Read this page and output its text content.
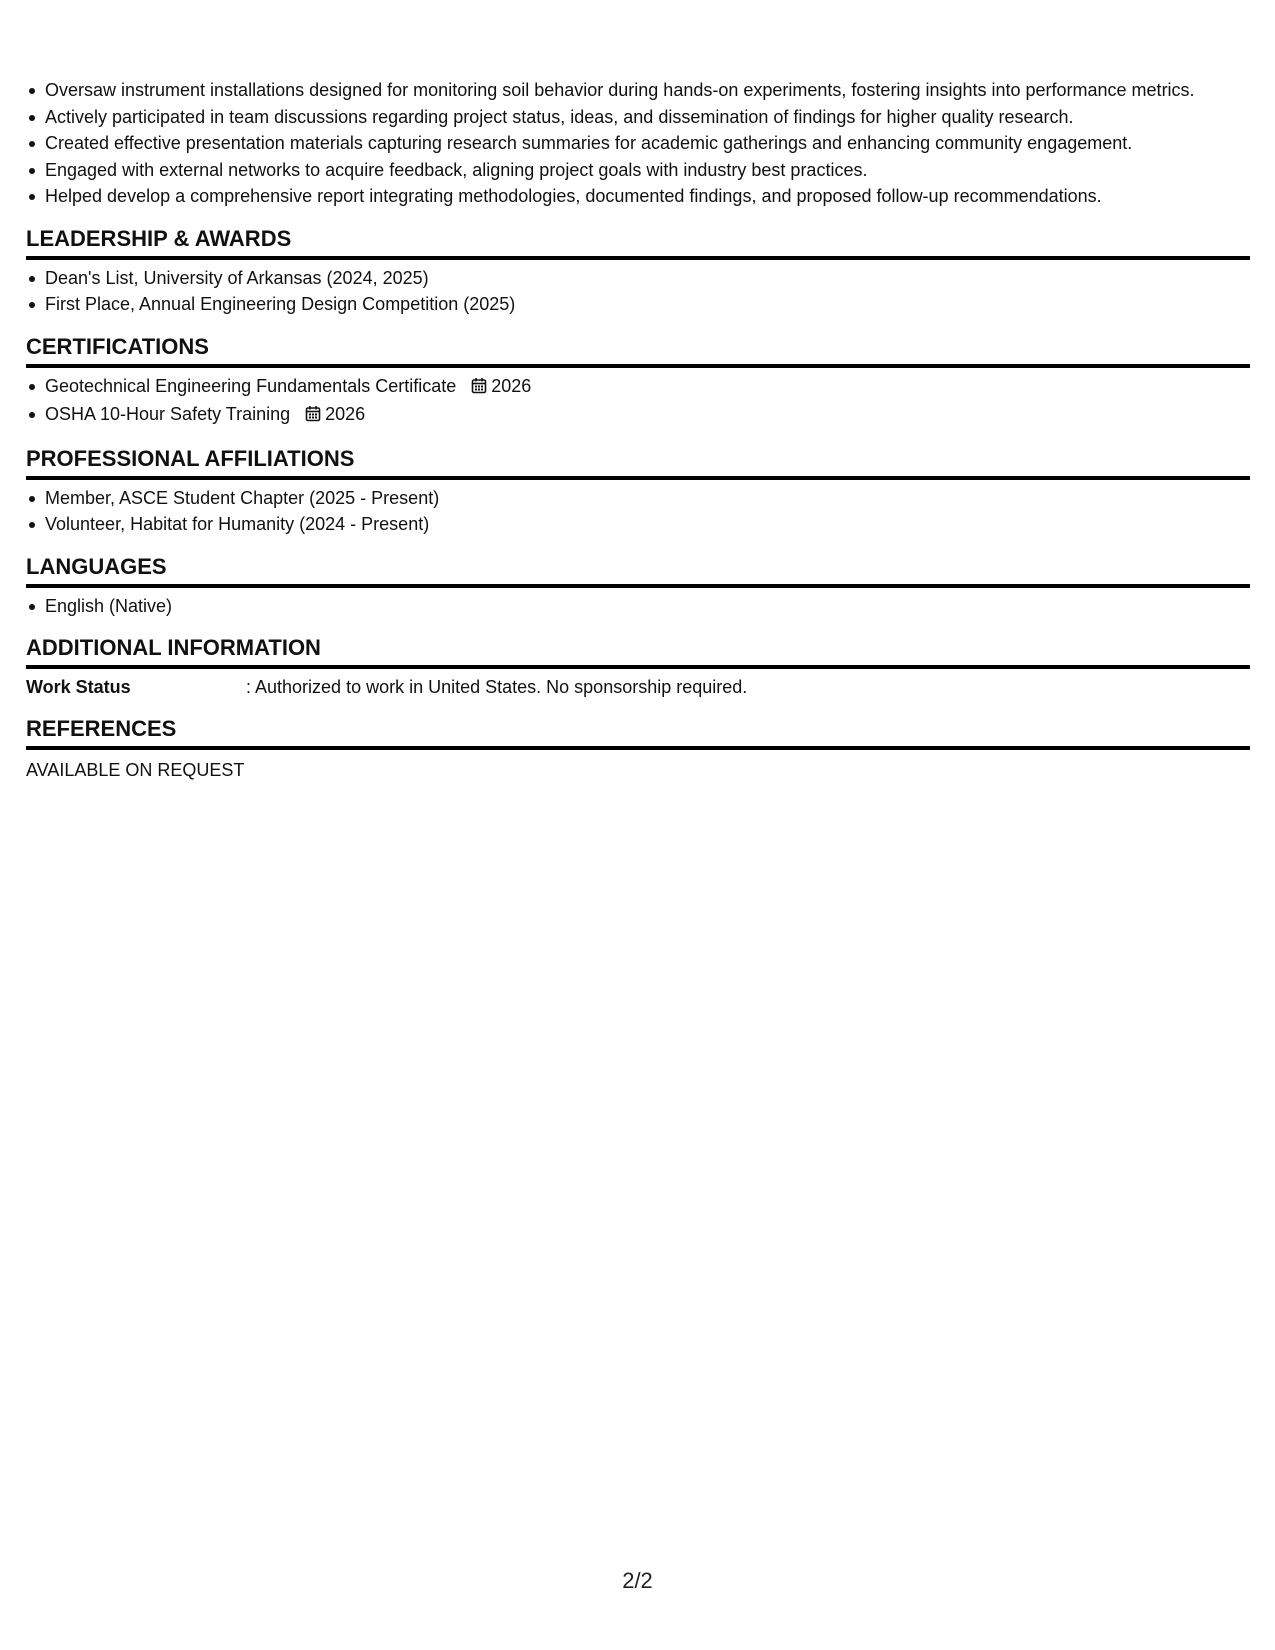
Oversaw instrument installations designed for monitoring soil behavior during hands-on experiments, fostering insights into performance metrics.
Actively participated in team discussions regarding project status, ideas, and dissemination of findings for higher quality research.
Created effective presentation materials capturing research summaries for academic gatherings and enhancing community engagement.
Engaged with external networks to acquire feedback, aligning project goals with industry best practices.
Helped develop a comprehensive report integrating methodologies, documented findings, and proposed follow-up recommendations.
LEADERSHIP & AWARDS
Dean's List, University of Arkansas (2024, 2025)
First Place, Annual Engineering Design Competition (2025)
CERTIFICATIONS
Geotechnical Engineering Fundamentals Certificate 2026
OSHA 10-Hour Safety Training 2026
PROFESSIONAL AFFILIATIONS
Member, ASCE Student Chapter (2025 - Present)
Volunteer, Habitat for Humanity (2024 - Present)
LANGUAGES
English (Native)
ADDITIONAL INFORMATION
Work Status	: Authorized to work in United States. No sponsorship required.
REFERENCES
AVAILABLE ON REQUEST
2/2
